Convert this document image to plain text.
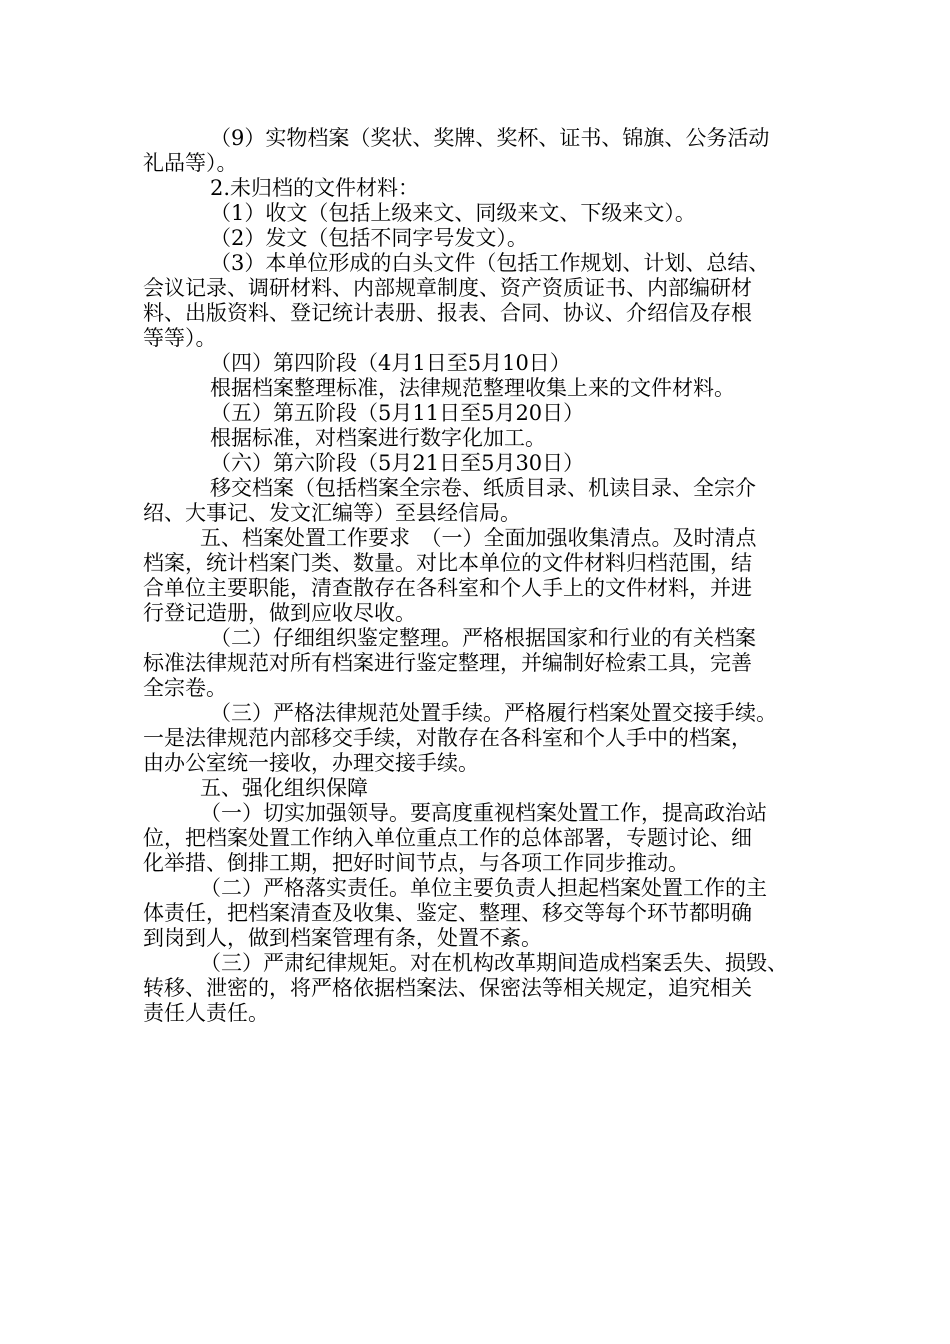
（9）实物档案（奖状、奖牌、奖杯、证书、锦旗、公务活动
礼品等）。
2.未归档的文件材料：
（1）收文（包括上级来文、同级来文、下级来文）。
（2）发文（包括不同字号发文）。
（3）本单位形成的白头文件（包括工作规划、计划、总结、
会议记录、调研材料、内部规章制度、资产资质证书、内部编研材
料、出版资料、登记统计表册、报表、合同、协议、介绍信及存根
等等）。
（四）第四阶段（4月1日至5月10日）
根据档案整理标准，法律规范整理收集上来的文件材料。
（五）第五阶段（5月11日至5月20日）
根据标准，对档案进行数字化加工。
（六）第六阶段（5月21日至5月30日）
移交档案（包括档案全宗卷、纸质目录、机读目录、全宗介
绍、大事记、发文汇编等）至县经信局。
五、档案处置工作要求　（一）全面加强收集清点。及时清点
档案，统计档案门类、数量。对比本单位的文件材料归档范围，结
合单位主要职能，清查散存在各科室和个人手上的文件材料，并进
行登记造册，做到应收尽收。
（二）仔细组织鉴定整理。严格根据国家和行业的有关档案
标准法律规范对所有档案进行鉴定整理，并编制好检索工具，完善
全宗卷。
（三）严格法律规范处置手续。严格履行档案处置交接手续。
一是法律规范内部移交手续，对散存在各科室和个人手中的档案，
由办公室统一接收，办理交接手续。
五、强化组织保障
（一）切实加强领导。要高度重视档案处置工作，提高政治站
位，把档案处置工作纳入单位重点工作的总体部署，专题讨论、细
化举措、倒排工期，把好时间节点，与各项工作同步推动。
（二）严格落实责任。单位主要负责人担起档案处置工作的主
体责任，把档案清查及收集、鉴定、整理、移交等每个环节都明确
到岗到人，做到档案管理有条，处置不紊。
（三）严肃纪律规矩。对在机构改革期间造成档案丢失、损毁、
转移、泄密的，将严格依据档案法、保密法等相关规定，追究相关
责任人责任。
